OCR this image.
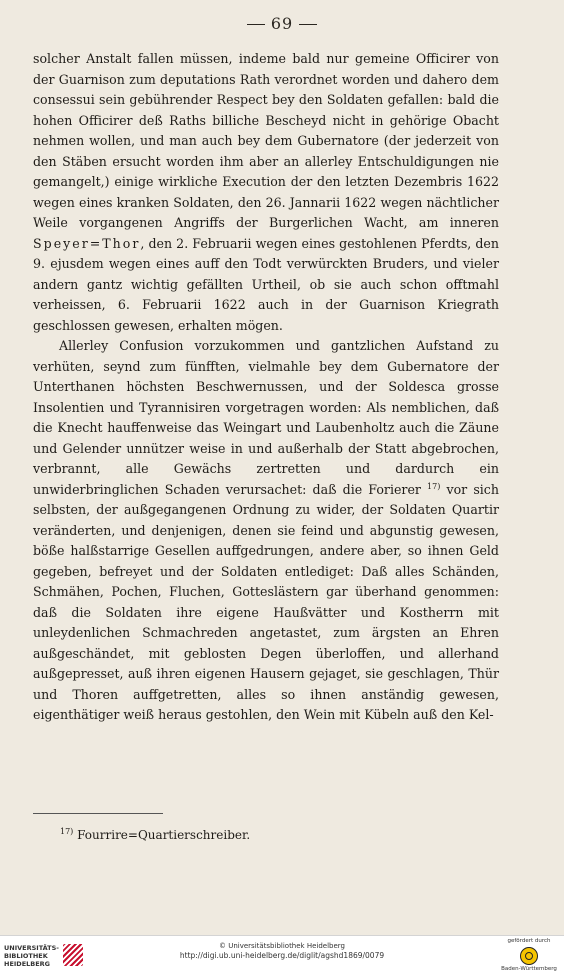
69

solcher Anstalt fallen müssen, indeme bald nur gemeine Officirer von der Guarnison zum deputations Rath verordnet worden und dahero dem consessui sein gebührender Respect bey den Soldaten gefallen: bald die hohen Officirer deß Raths billiche Bescheyd nicht in gehörige Obacht nehmen wollen, und man auch bey dem Gubernatore (der jederzeit von den Stäben ersucht worden ihm aber an allerley Entschuldigungen nie gemangelt,) einige wirkliche Execution der den letzten Dezembris 1622 wegen eines kranken Soldaten, den 26. Jannarii 1622 wegen nächtlicher Weile vorgangenen Angriffs der Burgerlichen Wacht, am inneren Speyer=Thor, den 2. Februarii wegen eines gestohlenen Pferdts, den 9. ejusdem wegen eines auff den Todt verwürckten Bruders, und vieler andern gantz wichtig gefällten Urtheil, ob sie auch schon offtmahl verheissen, 6. Februarii 1622 auch in der Guarnison Kriegrath geschlossen gewesen, erhalten mögen.

Allerley Confusion vorzukommen und gantzlichen Aufstand zu verhüten, seynd zum fünfften, vielmahle bey dem Gubernatore der Unterthanen höchsten Beschwernussen, und der Soldesca grosse Insolentien und Tyrannisiren vorgetragen worden: Als nemblichen, daß die Knecht hauffenweise das Weingart und Laubenholtz auch die Zäune und Gelender unnützer weise in und außerhalb der Statt abgebrochen, verbrannt, alle Gewächs zertretten und dardurch ein unwiderbringlichen Schaden verursachet: daß die Forierer $^{17)}$ vor sich selbsten, der außgegangenen Ordnung zu wider, der Soldaten Quartir veränderten, und denjenigen, denen sie feind und abgunstig gewesen, böße halßstarrige Gesellen auffgedrungen, andere aber, so ihnen Geld gegeben, befreyet und der Soldaten entlediget: Daß alles Schänden, Schmähen, Pochen, Fluchen, Gotteslästern gar überhand genommen: daß die Soldaten ihre eigene Haußvätter und Kostherrn mit unleydenlichen Schmachreden angetastet, zum ärgsten an Ehren außgeschändet, mit geblosten Degen überloffen, und allerhand außgepresset, auß ihren eigenen Hausern gejaget, sie geschlagen, Thür und Thoren auffgetretten, alles so ihnen anständig gewesen, eigenthätiger weiß heraus gestohlen, den Wein mit Kübeln auß den Kel-

$^{17)}$ Fourrire=Quartierschreiber.
UNIVERSITÄTS-
BIBLIOTHEK
HEIDELBERG
© Universitätsbibliothek Heidelberg
http://digi.ub.uni-heidelberg.de/diglit/agshd1869/0079
gefördert durch
Baden-Württemberg
